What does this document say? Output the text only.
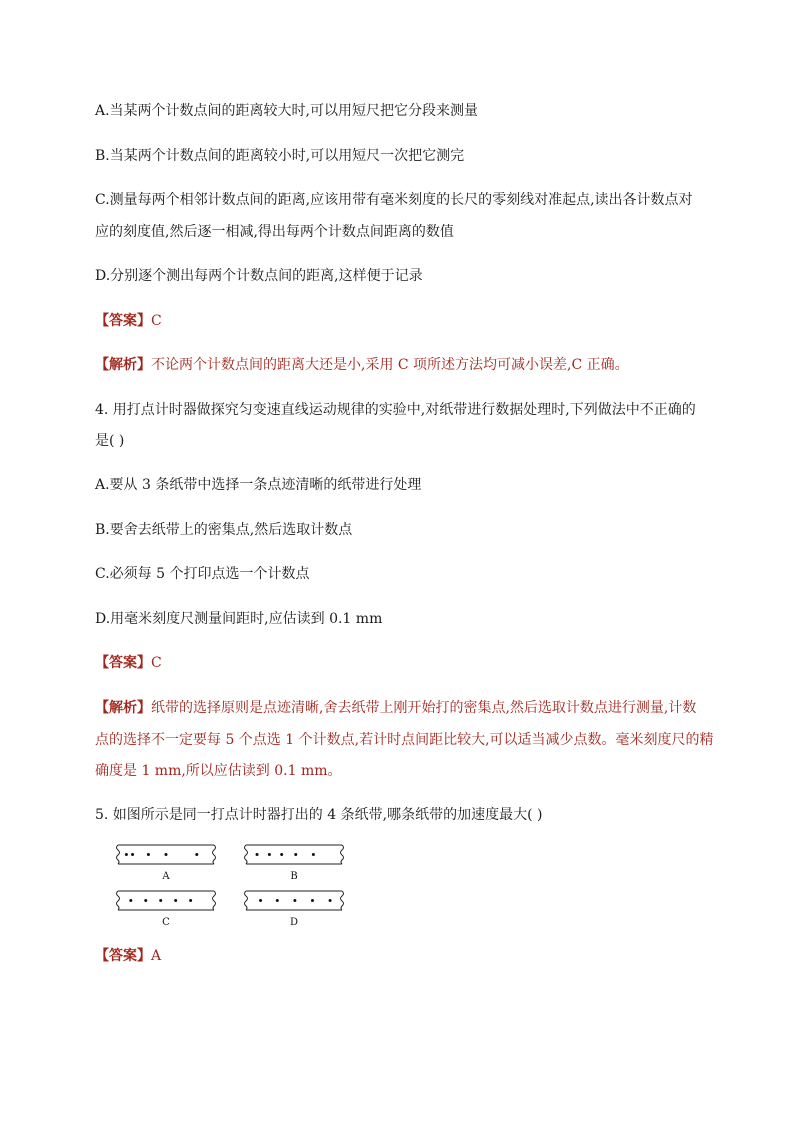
A.当某两个计数点间的距离较大时,可以用短尺把它分段来测量
B.当某两个计数点间的距离较小时,可以用短尺一次把它测完
C.测量每两个相邻计数点间的距离,应该用带有毫米刻度的长尺的零刻线对准起点,读出各计数点对
应的刻度值,然后逐一相减,得出每两个计数点间距离的数值
D.分别逐个测出每两个计数点间的距离,这样便于记录
【答案】C
【解析】不论两个计数点间的距离大还是小,采用 C 项所述方法均可减小误差,C 正确。
4. 用打点计时器做探究匀变速直线运动规律的实验中,对纸带进行数据处理时,下列做法中不正确的
是( )
A.要从 3 条纸带中选择一条点迹清晰的纸带进行处理
B.要舍去纸带上的密集点,然后选取计数点
C.必须每 5 个打印点选一个计数点
D.用毫米刻度尺测量间距时,应估读到 0.1 mm
【答案】C
【解析】纸带的选择原则是点迹清晰,舍去纸带上刚开始打的密集点,然后选取计数点进行测量,计数
点的选择不一定要每 5 个点选 1 个计数点,若计时点间距比较大,可以适当减少点数。毫米刻度尺的精
确度是 1 mm,所以应估读到 0.1 mm。
5. 如图所示是同一打点计时器打出的 4 条纸带,哪条纸带的加速度最大( )
A	B
C	D
【答案】A
